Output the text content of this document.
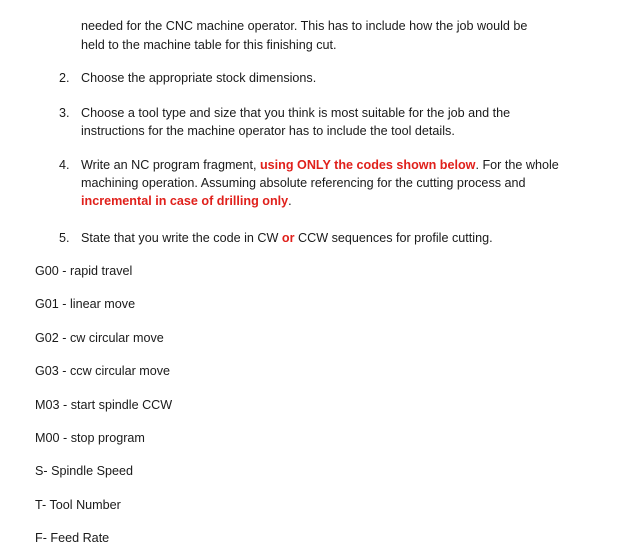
needed for the CNC machine operator. This has to include how the job would be
held to the machine table for this finishing cut.
2. Choose the appropriate stock dimensions.
3. Choose a tool type and size that you think is most suitable for the job and the
instructions for the machine operator has to include the tool details.
4. Write an NC program fragment, using ONLY the codes shown below. For the whole
machining operation. Assuming absolute referencing for the cutting process and
incremental in case of drilling only.
5. State that you write the code in CW or CCW sequences for profile cutting.
G00 - rapid travel
G01 - linear move
G02 - cw circular move
G03 - ccw circular move
M03 - start spindle CCW
M00 - stop program
S- Spindle Speed
T- Tool Number
F- Feed Rate
